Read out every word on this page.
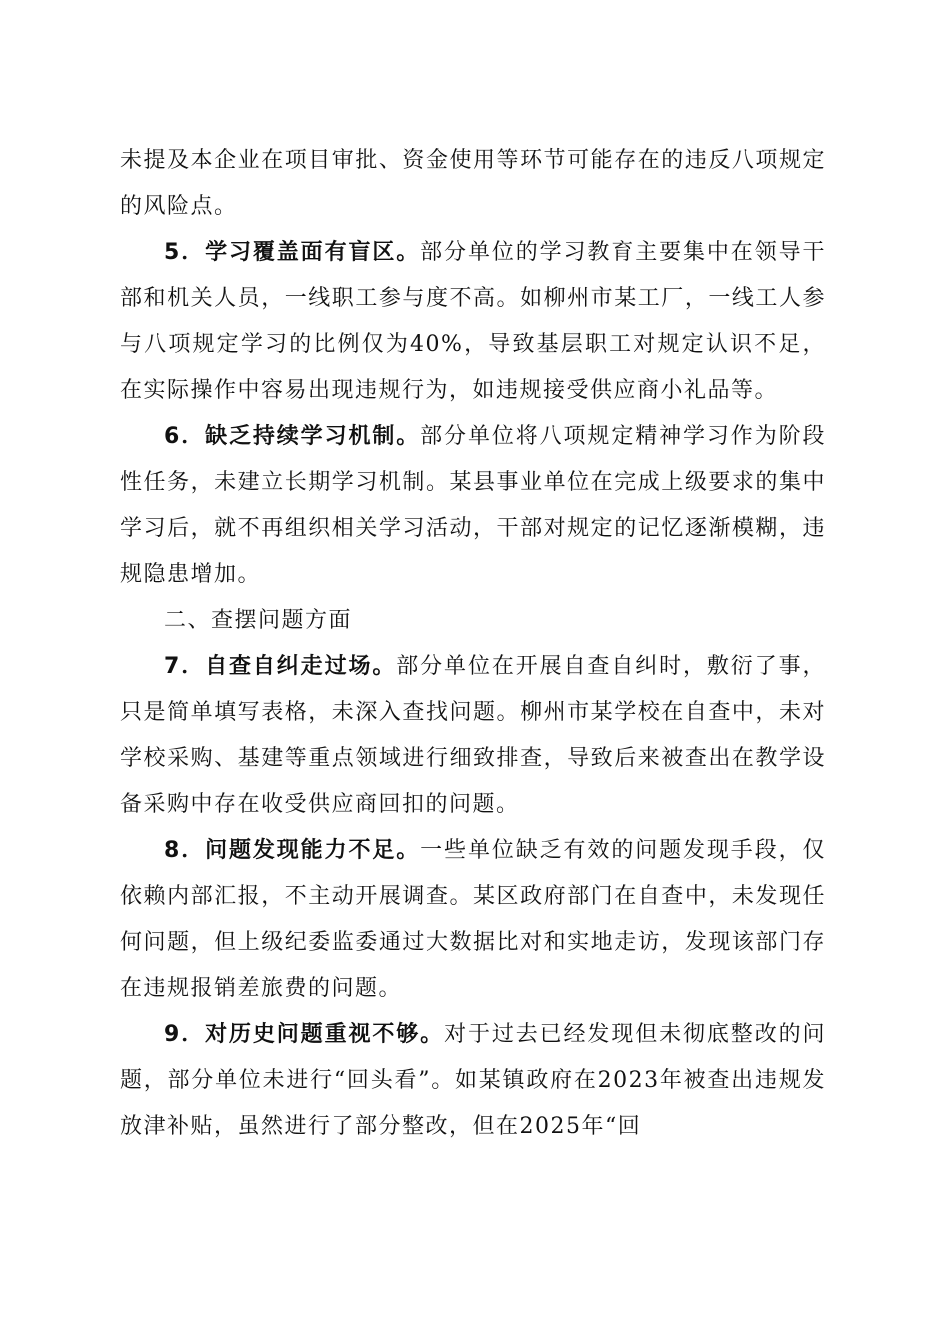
未提及本企业在项目审批、资金使用等环节可能存在的违反八项规定的风险点。

5．学习覆盖面有盲区。部分单位的学习教育主要集中在领导干部和机关人员，一线职工参与度不高。如柳州市某工厂，一线工人参与八项规定学习的比例仅为40%，导致基层职工对规定认识不足，在实际操作中容易出现违规行为，如违规接受供应商小礼品等。

6．缺乏持续学习机制。部分单位将八项规定精神学习作为阶段性任务，未建立长期学习机制。某县事业单位在完成上级要求的集中学习后，就不再组织相关学习活动，干部对规定的记忆逐渐模糊，违规隐患增加。

二、查摆问题方面

7．自查自纠走过场。部分单位在开展自查自纠时，敷衍了事，只是简单填写表格，未深入查找问题。柳州市某学校在自查中，未对学校采购、基建等重点领域进行细致排查，导致后来被查出在教学设备采购中存在收受供应商回扣的问题。

8．问题发现能力不足。一些单位缺乏有效的问题发现手段，仅依赖内部汇报，不主动开展调查。某区政府部门在自查中，未发现任何问题，但上级纪委监委通过大数据比对和实地走访，发现该部门存在违规报销差旅费的问题。

9．对历史问题重视不够。对于过去已经发现但未彻底整改的问题，部分单位未进行“回头看”。如某镇政府在2023年被查出违规发放津补贴，虽然进行了部分整改，但在2025年“回
